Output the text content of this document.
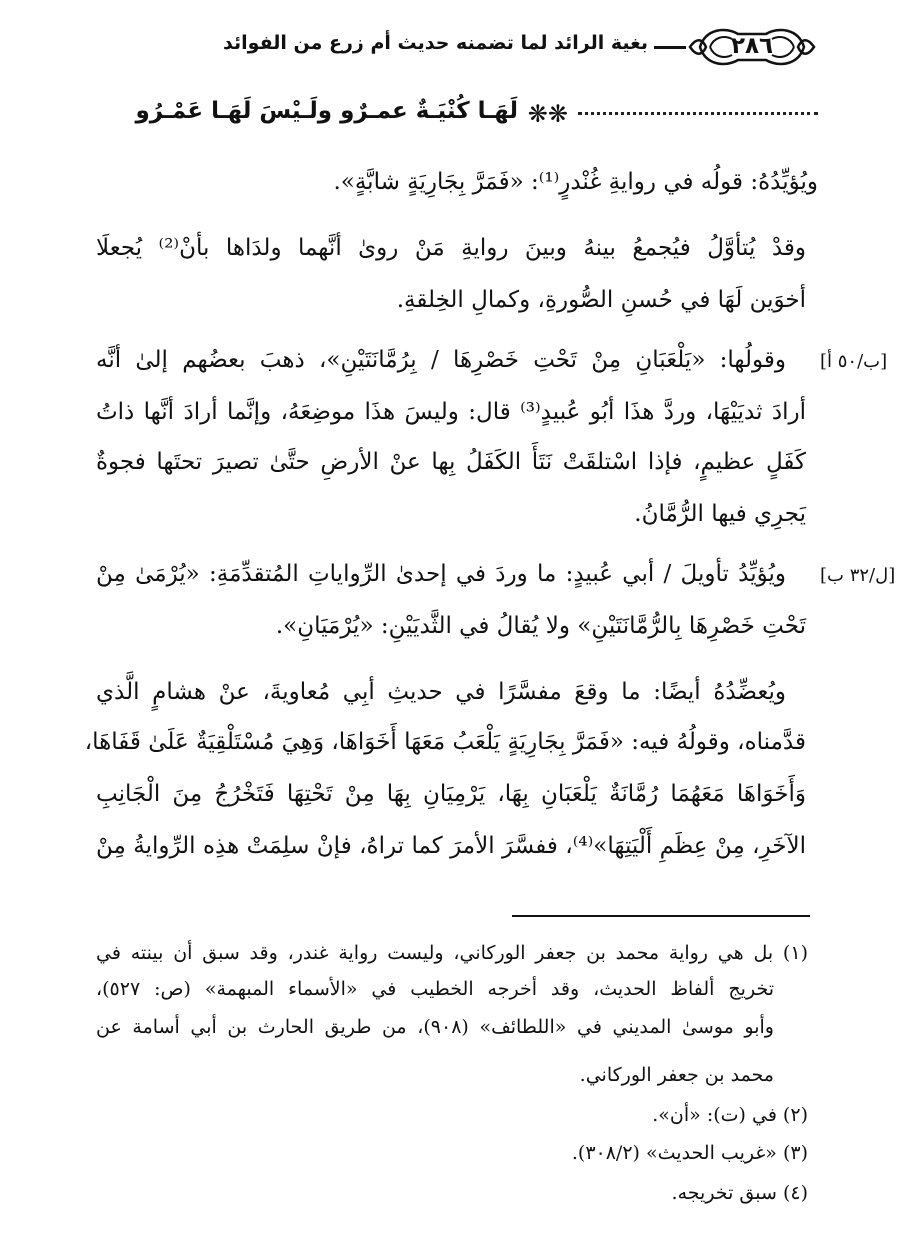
٢٨٦
بغية الرائد لما تضمنه حديث أم زرع من الفوائد
لَهَـا كُنْيَـةٌ عمـرٌو ولَـيْسَ لَهَـا عَمْـرُو ❋❋
ويُؤيِّدُهُ: قولُه في روايةِ غُنْدرٍ⁽¹⁾: «فَمَرَّ بِجَارِيَةٍ شابَّةٍ».
وقدْ يُتأوَّلُ فيُجمعُ بينهُ وبينَ روايةِ مَنْ روىٰ أنَّهما ولدَاها بأنْ⁽²⁾ يُجعلَا
أخوَين لَهَا في حُسنِ الصُّورةِ، وكمالِ الخِلقةِ.
[ب/٥٠ أ]
وقولُها: «يَلْعَبَانِ مِنْ تَحْتِ خَصْرِهَا / بِرُمَّانَتَيْنِ»، ذهبَ بعضُهم إلىٰ أنَّه
أرادَ ثديَيْهَا، وردَّ هذَا أبُو عُبيدٍ⁽³⁾ قال: وليسَ هذَا موضِعَهُ، وإنَّما أرادَ أنَّها ذاتُ
كَفَلٍ عظيمٍ، فإذا اسْتلقَتْ نَتَأَ الكَفَلُ بِها عنْ الأرضِ حتَّىٰ تصيرَ تحتَها فجوةٌ
يَجرِي فيها الرُّمَّانُ.
[ل/٣٢ ب]
ويُؤيِّدُ تأويلَ / أبي عُبيدٍ: ما وردَ في إحدىٰ الرِّواياتِ المُتقدِّمَةِ: «يُرْمَىٰ مِنْ
تَحْتِ خَصْرِهَا بِالرُّمَّانَتَيْنِ» ولا يُقالُ في الثَّديَيْنِ: «يُرْمَيَانِ».
ويُعضِّدُهُ أيضًا: ما وقعَ مفسَّرًا في حديثِ أبِي مُعاويةَ، عنْ هشامٍ الَّذي
قدَّمناه، وقولُهُ فيه: «فَمَرَّ بِجَارِيَةٍ يَلْعَبُ مَعَهَا أَخَوَاهَا، وَهِيَ مُسْتَلْقِيَةٌ عَلَىٰ قَفَاهَا،
وَأَخَوَاهَا مَعَهُمَا رُمَّانَةٌ يَلْعَبَانِ بِهَا، يَرْمِيَانِ بِهَا مِنْ تَحْتِهَا فَتَخْرُجُ مِنَ الْجَانِبِ
الآخَرِ، مِنْ عِظَمِ أَلْيَتِهَا»⁽⁴⁾، ففسَّرَ الأمرَ كما تراهُ، فإنْ سلِمَتْ هذِه الرِّوايةُ مِنْ
(١) بل هي رواية محمد بن جعفر الوركاني، وليست رواية غندر، وقد سبق أن بينته في
تخريج ألفاظ الحديث، وقد أخرجه الخطيب في «الأسماء المبهمة» (ص: ٥٢٧)،
وأبو موسىٰ المديني في «اللطائف» (٩٠٨)، من طريق الحارث بن أبي أسامة عن
محمد بن جعفر الوركاني.
(٢) في (ت): «أن».
(٣) «غريب الحديث» (٣٠٨/٢).
(٤) سبق تخريجه.
